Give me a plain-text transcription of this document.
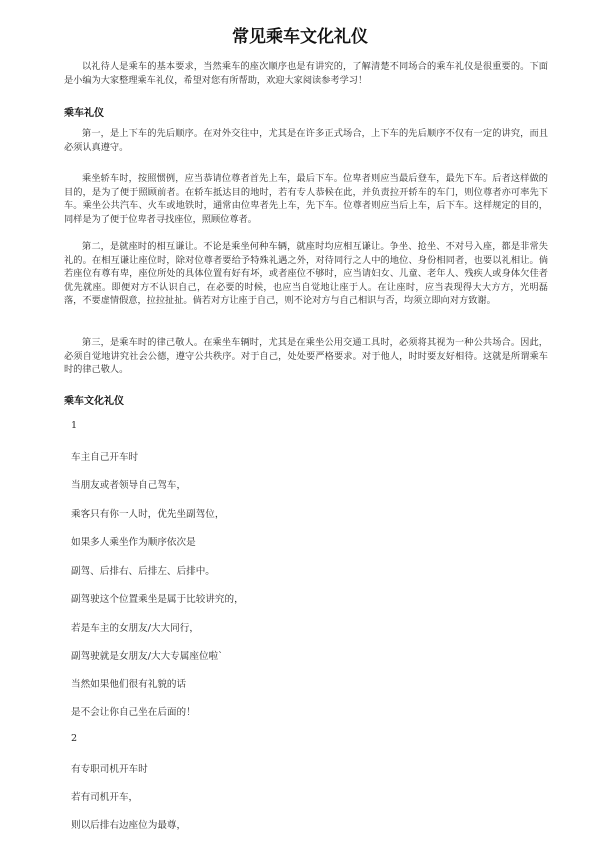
常见乘车文化礼仪

以礼待人是乘车的基本要求，当然乘车的座次顺序也是有讲究的，了解清楚不同场合的乘车礼仪是很重要的。下面是小编为大家整理乘车礼仪，希望对您有所帮助，欢迎大家阅读参考学习！

乘车礼仪

第一，是上下车的先后顺序。在对外交往中，尤其是在许多正式场合，上下车的先后顺序不仅有一定的讲究，而且必须认真遵守。

乘坐轿车时，按照惯例，应当恭请位尊者首先上车，最后下车。位卑者则应当最后登车，最先下车。后者这样做的目的，是为了便于照顾前者。在轿车抵达目的地时，若有专人恭候在此，并负责拉开轿车的车门，则位尊者亦可率先下车。乘坐公共汽车、火车或地铁时，通常由位卑者先上车，先下车。位尊者则应当后上车，后下车。这样规定的目的，同样是为了便于位卑者寻找座位，照顾位尊者。

第二，是就座时的相互谦让。不论是乘坐何种车辆，就座时均应相互谦让。争坐、抢坐、不对号入座，都是非常失礼的。在相互谦让座位时，除对位尊者要给予特殊礼遇之外，对待同行之人中的地位、身份相同者，也要以礼相让。倘若座位有尊有卑，座位所处的具体位置有好有坏，或者座位不够时，应当请妇女、儿童、老年人、残疾人或身体欠佳者优先就座。即便对方不认识自己，在必要的时候，也应当自觉地让座于人。在让座时，应当表现得大大方方，光明磊落，不要虚情假意，拉拉扯扯。倘若对方让座于自己，则不论对方与自己相识与否，均须立即向对方致谢。

第三，是乘车时的律己敬人。在乘坐车辆时，尤其是在乘坐公用交通工具时，必须将其视为一种公共场合。因此，必须自觉地讲究社会公德，遵守公共秩序。对于自己，处处要严格要求。对于他人，时时要友好相待。这就是所谓乘车时的律己敬人。

乘车文化礼仪
1
车主自己开车时
当朋友或者领导自己驾车，
乘客只有你一人时，优先坐副驾位，
如果多人乘坐作为顺序依次是
副驾、后排右、后排左、后排中。
副驾驶这个位置乘坐是属于比较讲究的，
若是车主的女朋友/大大同行，
副驾驶就是女朋友/大大专属座位啦`
当然如果他们很有礼貌的话
是不会让你自己坐在后面的！
2
有专职司机开车时
若有司机开车，
则以后排右边座位为最尊，
